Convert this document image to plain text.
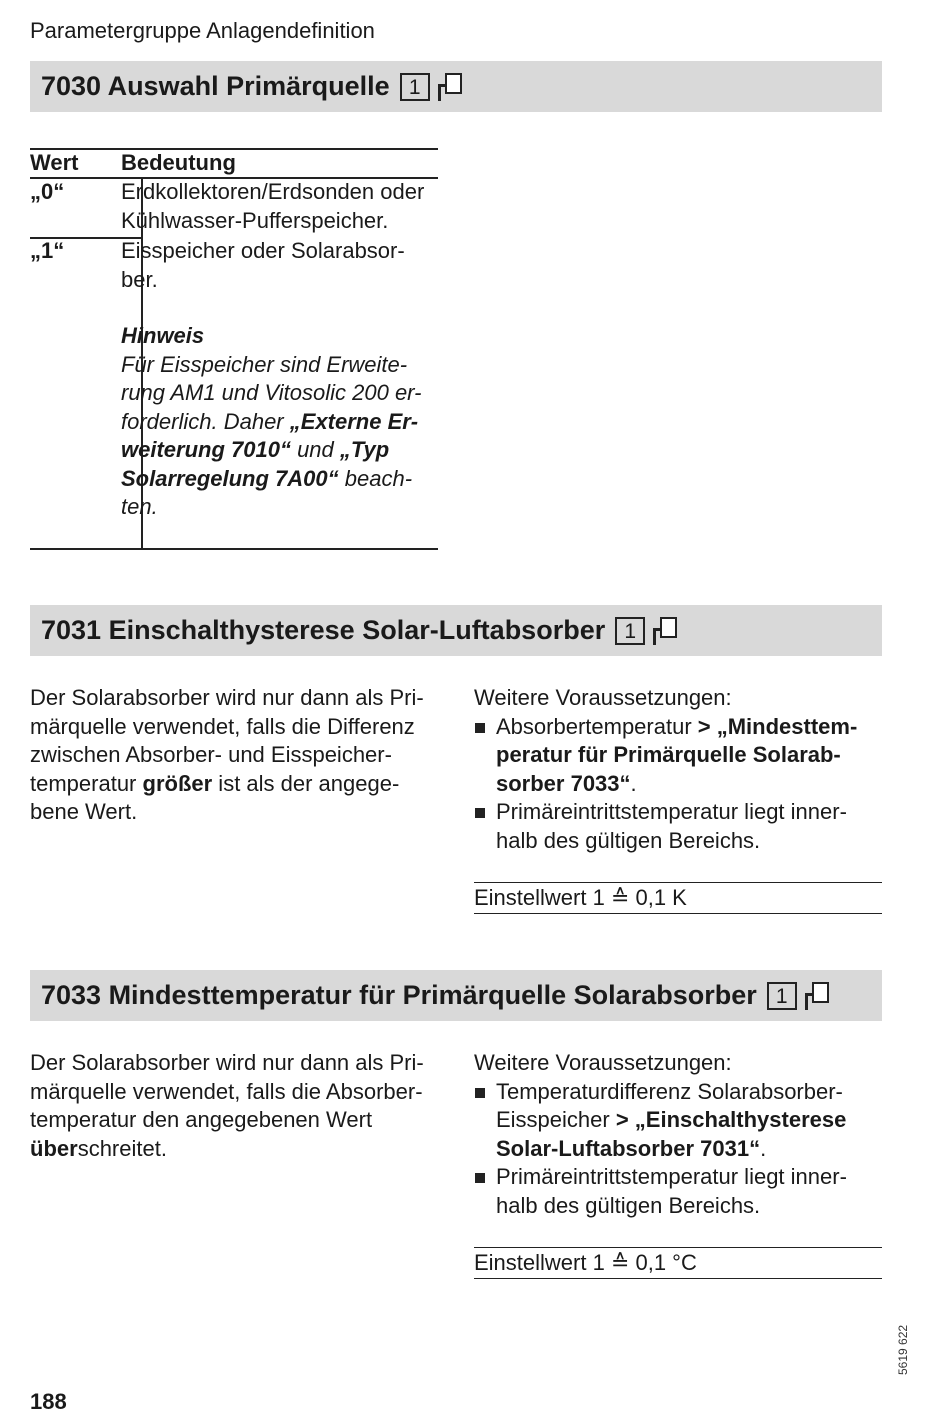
Parametergruppe Anlagendefinition
7030 Auswahl Primärquelle 1
Wert Bedeutung
„0“	Erdkollektoren/Erdsonden oder
Kühlwasser-Pufferspeicher.
„1“	Eisspeicher oder Solarabsor-
ber.
Hinweis
Für Eisspeicher sind Erweite-
rung AM1 und Vitosolic 200 er-
forderlich. Daher „Externe Er-
weiterung 7010“ und „Typ
Solarregelung 7A00“ beach-
ten.
7031 Einschalthysterese Solar-Luftabsorber 1
Der Solarabsorber wird nur dann als Pri-
märquelle verwendet, falls die Differenz
zwischen Absorber- und Eisspeicher-
temperatur größer ist als der angege-
bene Wert.
Weitere Voraussetzungen:
Absorbertemperatur > „Mindesttem-
peratur für Primärquelle Solarab-
sorber 7033“.
Primäreintrittstemperatur liegt inner-
halb des gültigen Bereichs.
Einstellwert 1 ≙ 0,1 K
7033 Mindesttemperatur für Primärquelle Solarabsorber 1
Der Solarabsorber wird nur dann als Pri-
märquelle verwendet, falls die Absorber-
temperatur den angegebenen Wert
überschreitet.
Weitere Voraussetzungen:
Temperaturdifferenz Solarabsorber-
Eisspeicher > „Einschalthysterese
Solar-Luftabsorber 7031“.
Primäreintrittstemperatur liegt inner-
halb des gültigen Bereichs.
Einstellwert 1 ≙ 0,1 °C
5619 622
188
